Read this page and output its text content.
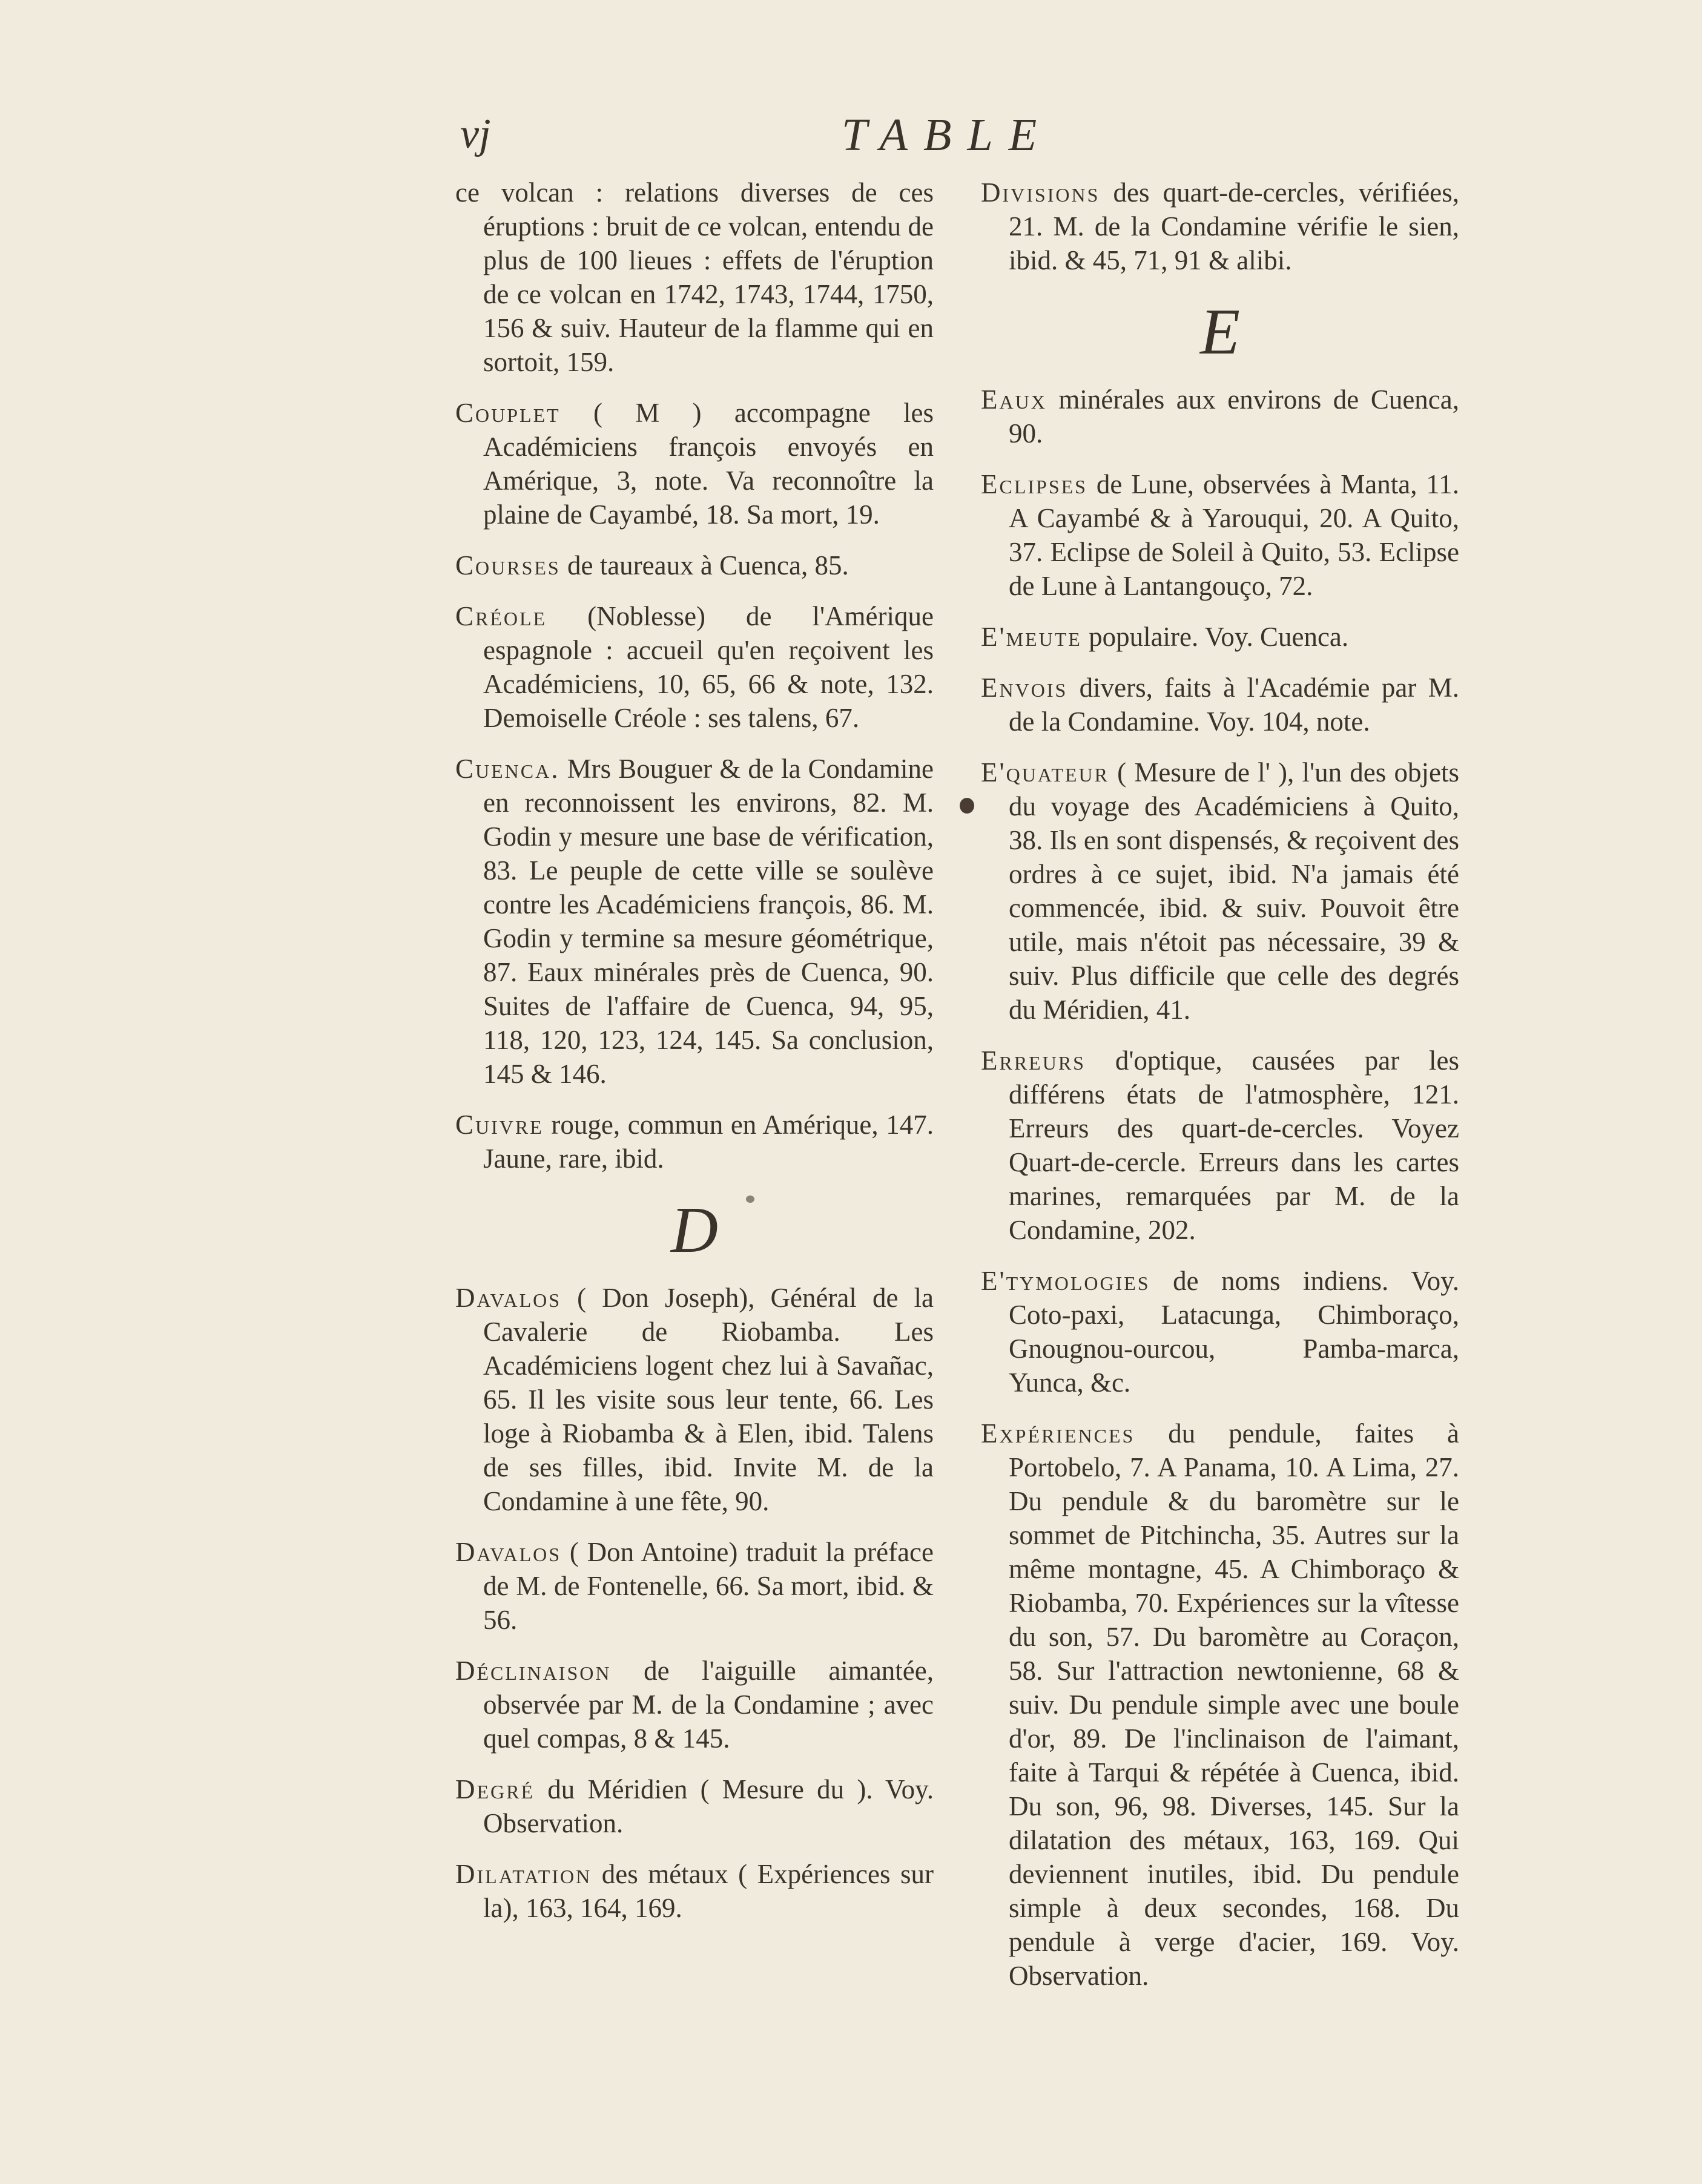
vj	TABLE

ce volcan : relations diverses de ces éruptions : bruit de ce volcan, entendu de plus de 100 lieues : effets de l'éruption de ce volcan en 1742, 1743, 1744, 1750, 156 & suiv. Hauteur de la flamme qui en sortoit, 159.

Couplet ( M ) accompagne les Académiciens françois envoyés en Amérique, 3, note. Va reconnoître la plaine de Cayambé, 18. Sa mort, 19.

Courses de taureaux à Cuenca, 85.

Créole (Noblesse) de l'Amérique espagnole : accueil qu'en reçoivent les Académiciens, 10, 65, 66 & note, 132. Demoiselle Créole : ses talens, 67.

Cuenca. Mrs Bouguer & de la Condamine en reconnoissent les environs, 82. M. Godin y mesure une base de vérification, 83. Le peuple de cette ville se soulève contre les Académiciens françois, 86. M. Godin y termine sa mesure géométrique, 87. Eaux minérales près de Cuenca, 90. Suites de l'affaire de Cuenca, 94, 95, 118, 120, 123, 124, 145. Sa conclusion, 145 & 146.

Cuivre rouge, commun en Amérique, 147. Jaune, rare, ibid.

D

Davalos ( Don Joseph), Général de la Cavalerie de Riobamba. Les Académiciens logent chez lui à Savañac, 65. Il les visite sous leur tente, 66. Les loge à Riobamba & à Elen, ibid. Talens de ses filles, ibid. Invite M. de la Condamine à une fête, 90.

Davalos ( Don Antoine) traduit la préface de M. de Fontenelle, 66. Sa mort, ibid. & 56.

Déclinaison de l'aiguille aimantée, observée par M. de la Condamine ; avec quel compas, 8 & 145.

Degré du Méridien ( Mesure du ). Voy. Observation.

Dilatation des métaux ( Expériences sur la), 163, 164, 169.

Divisions des quart-de-cercles, vérifiées, 21. M. de la Condamine vérifie le sien, ibid. & 45, 71, 91 & alibi.

E

Eaux minérales aux environs de Cuenca, 90.

Eclipses de Lune, observées à Manta, 11. A Cayambé & à Yarouqui, 20. A Quito, 37. Eclipse de Soleil à Quito, 53. Eclipse de Lune à Lantangouço, 72.

E'meute populaire. Voy. Cuenca.

Envois divers, faits à l'Académie par M. de la Condamine. Voy. 104, note.

E'quateur ( Mesure de l' ), l'un des objets du voyage des Académiciens à Quito, 38. Ils en sont dispensés, & reçoivent des ordres à ce sujet, ibid. N'a jamais été commencée, ibid. & suiv. Pouvoit être utile, mais n'étoit pas nécessaire, 39 & suiv. Plus difficile que celle des degrés du Méridien, 41.

Erreurs d'optique, causées par les différens états de l'atmosphère, 121. Erreurs des quart-de-cercles. Voyez Quart-de-cercle. Erreurs dans les cartes marines, remarquées par M. de la Condamine, 202.

E'tymologies de noms indiens. Voy. Coto-paxi, Latacunga, Chimboraço, Gnougnou-ourcou, Pamba-marca, Yunca, &c.

Expériences du pendule, faites à Portobelo, 7. A Panama, 10. A Lima, 27. Du pendule & du baromètre sur le sommet de Pitchincha, 35. Autres sur la même montagne, 45. A Chimboraço & Riobamba, 70. Expériences sur la vîtesse du son, 57. Du baromètre au Coraçon, 58. Sur l'attraction newtonienne, 68 & suiv. Du pendule simple avec une boule d'or, 89. De l'inclinaison de l'aimant, faite à Tarqui & répétée à Cuenca, ibid. Du son, 96, 98. Diverses, 145. Sur la dilatation des métaux, 163, 169. Qui deviennent inutiles, ibid. Du pendule simple à deux secondes, 168. Du pendule à verge d'acier, 169. Voy. Observation.
